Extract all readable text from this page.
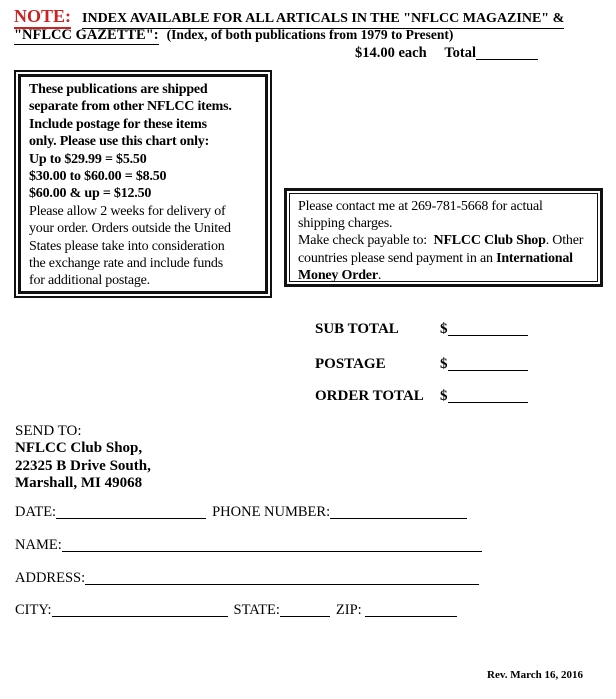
NOTE: INDEX AVAILABLE FOR ALL ARTICALS IN THE "NFLCC MAGAZINE" &
"NFLCC GAZETTE": (Index, of both publications from 1979 to Present)
$14.00 each Total
These publications are shipped
separate from other NFLCC items.
Include postage for these items
only. Please use this chart only:
Up to $29.99 = $5.50
$30.00 to $60.00 = $8.50
$60.00 & up = $12.50
Please allow 2 weeks for delivery of
your order. Orders outside the United
States please take into consideration
the exchange rate and include funds
for additional postage.
Please contact me at 269-781-5668 for actual
shipping charges.
Make check payable to:  NFLCC Club Shop. Other
countries please send payment in an International
Money Order.
SUB TOTAL	$
POSTAGE	$
ORDER TOTAL $
SEND TO:
NFLCC Club Shop,
22325 B Drive South,
Marshall, MI 49068
DATE:	PHONE NUMBER:
NAME:
ADDRESS:
CITY:	STATE:	ZIP:
Rev. March 16, 2016
